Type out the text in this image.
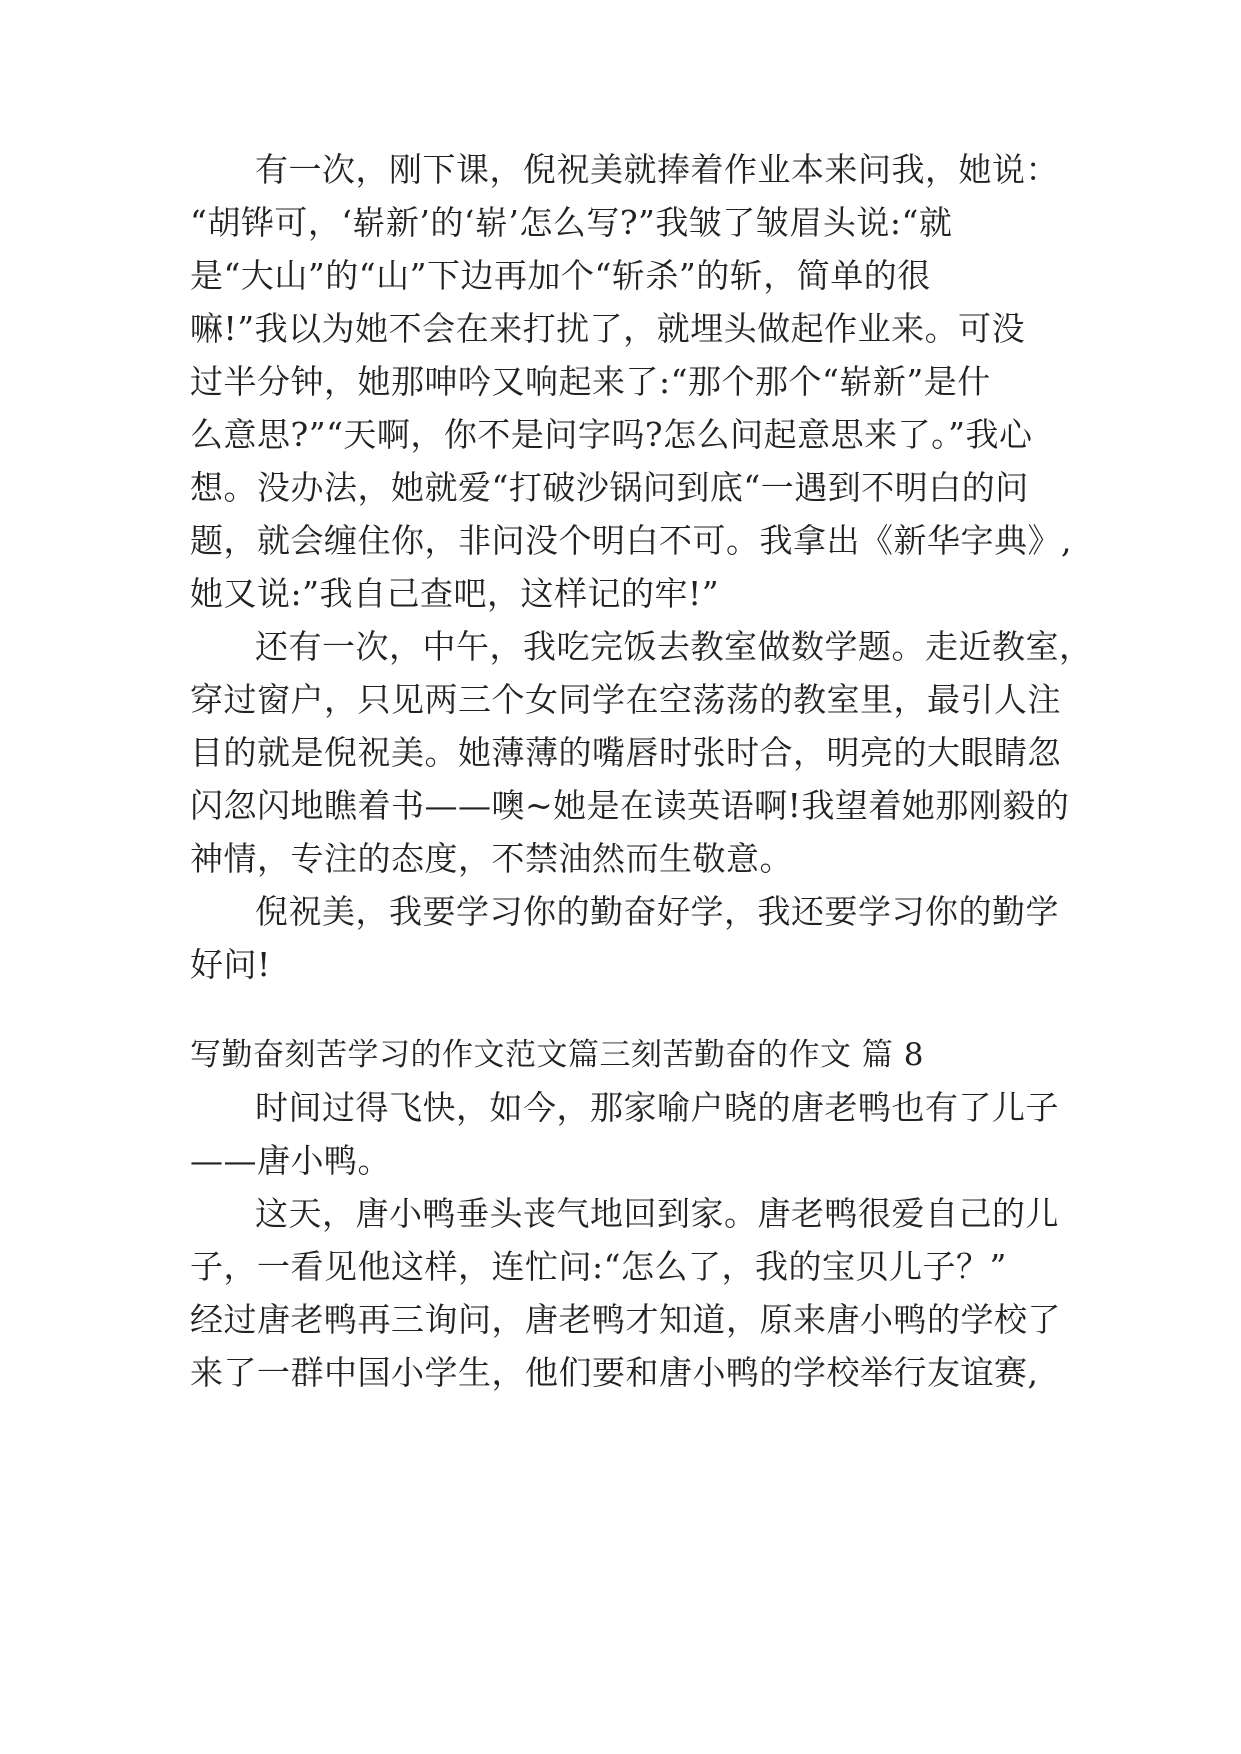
有一次，刚下课，倪祝美就捧着作业本来问我，她说：
“胡铧可，‘崭新’的‘崭’怎么写?”我皱了皱眉头说:“就
是“大山”的“山”下边再加个“斩杀”的斩，简单的很
嘛!”我以为她不会在来打扰了，就埋头做起作业来。可没
过半分钟，她那呻吟又响起来了:“那个那个“崭新”是什
么意思?”“天啊，你不是问字吗?怎么问起意思来了。”我心
想。没办法，她就爱“打破沙锅问到底“一遇到不明白的问
题，就会缠住你，非问没个明白不可。我拿出《新华字典》,
她又说:”我自己查吧，这样记的牢!”
还有一次，中午，我吃完饭去教室做数学题。走近教室，
穿过窗户，只见两三个女同学在空荡荡的教室里，最引人注
目的就是倪祝美。她薄薄的嘴唇时张时合，明亮的大眼睛忽
闪忽闪地瞧着书——噢~她是在读英语啊!我望着她那刚毅的
神情，专注的态度，不禁油然而生敬意。
倪祝美，我要学习你的勤奋好学，我还要学习你的勤学
好问!
写勤奋刻苦学习的作文范文篇三刻苦勤奋的作文 篇 8
时间过得飞快，如今，那家喻户晓的唐老鸭也有了儿子
——唐小鸭。
这天，唐小鸭垂头丧气地回到家。唐老鸭很爱自己的儿
子，一看见他这样，连忙问:“怎么了，我的宝贝儿子？”
经过唐老鸭再三询问，唐老鸭才知道，原来唐小鸭的学校了
来了一群中国小学生，他们要和唐小鸭的学校举行友谊赛,
